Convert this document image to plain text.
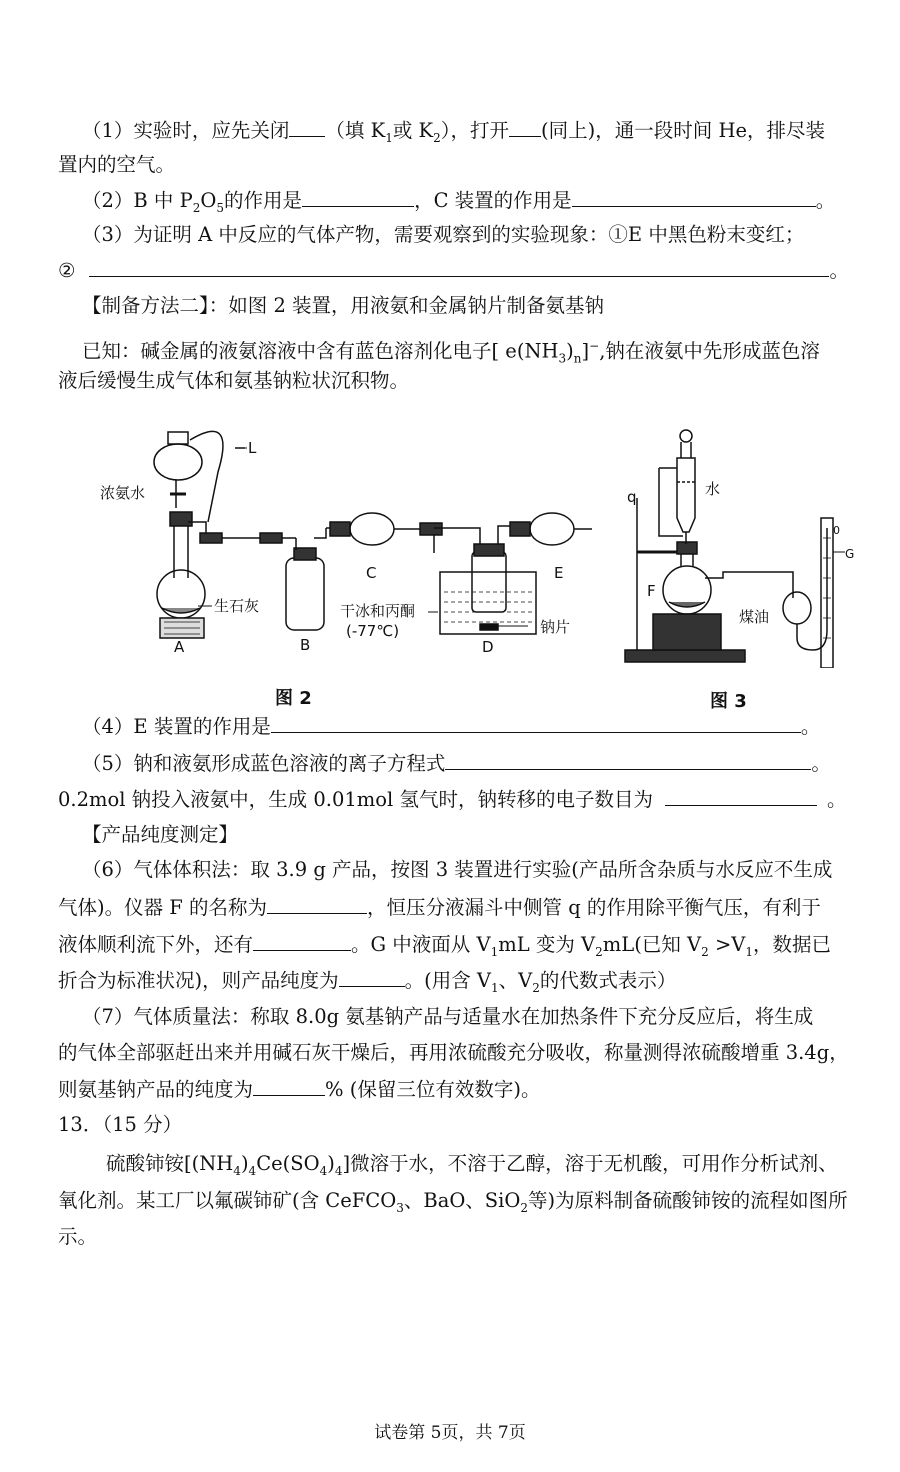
（1）实验时，应先关闭 （填 $K_1$或 $K_2$），打开 (同上)，通一段时间 He，排尽装
置内的空气。
（2）B 中 $P_2O_5$的作用是	，C 装置的作用是	。
（3）为证明 A 中反应的气体产物，需要观察到的实验现象：①E 中黑色粉末变红；
②	。
【制备方法二】：如图 2 装置，用液氨和金属钠片制备氨基钠
已知：碱金属的液氨溶液中含有蓝色溶剂化电子[ $e(NH_3)_n]^-$,钠在液氨中先形成蓝色溶
液后缓慢生成气体和氨基钠粒状沉积物。
浓氨水
L
生石灰
A	B
C
D
E
干冰和丙酮
(-77℃)	钠片
图 2
q	水
F
煤油
0
G
图 3
（4）E 装置的作用是	。
（5）钠和液氨形成蓝色溶液的离子方程式	。
0.2mol 钠投入液氨中，生成 0.01mol 氢气时，钠转移的电子数目为	。
【产品纯度测定】
（6）气体体积法：取 3.9 g 产品，按图 3 装置进行实验(产品所含杂质与水反应不生成
气体)。仪器 F 的名称为	，恒压分液漏斗中侧管 q 的作用除平衡气压，有利于
液体顺利流下外，还有	。G 中液面从 $V_1mL$ 变为 $V_2mL$(已知 $V_2 >V_1$，数据已
折合为标准状况)，则产品纯度为	。(用含 $V_1$、$V_2$的代数式表示）
（7）气体质量法：称取 8.0g 氨基钠产品与适量水在加热条件下充分反应后，将生成
的气体全部驱赶出来并用碱石灰干燥后，再用浓硫酸充分吸收，称量测得浓硫酸增重 3.4g，
则氨基钠产品的纯度为	% (保留三位有效数字)。
13．（15 分）
硫酸铈铵$[(NH_4)_4Ce(SO_4)_4]$微溶于水，不溶于乙醇，溶于无机酸，可用作分析试剂、
氧化剂。某工厂以氟碳铈矿(含 CeFCO$_3$、BaO、SiO$_2$等)为原料制备硫酸铈铵的流程如图所
示。
试卷第 5页，共 7页
